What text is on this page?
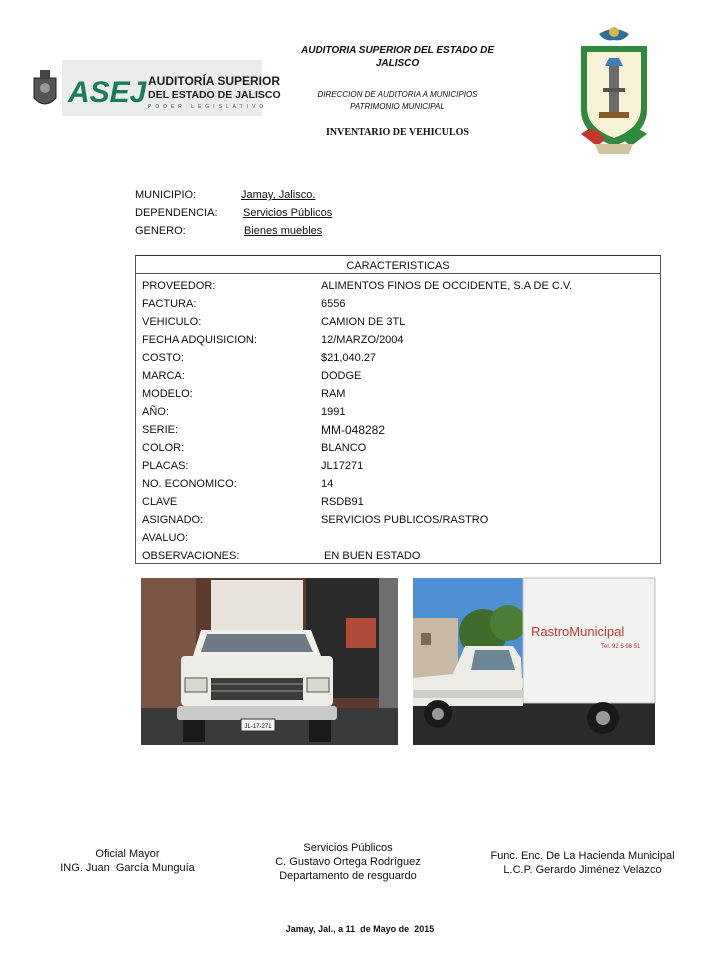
ASEJ AUDITORÍA SUPERIOR
DEL ESTADO DE JALISCO
PODER LEGISLATIVO
AUDITORIA SUPERIOR DEL ESTADO DE
JALISCO
DIRECCION DE AUDITORIA A MUNICIPIOS
PATRIMONIO MUNICIPAL
INVENTARIO DE VEHICULOS
MUNICIPIO:	Jamay, Jalisco.
DEPENDENCIA: Servicios Públicos
GENERO:	Bienes muebles
CARACTERISTICAS
PROVEEDOR:	ALIMENTOS FINOS DE OCCIDENTE, S.A DE C.V.
FACTURA:	6556
VEHICULO:	CAMION DE 3TL
FECHA ADQUISICION:	12/MARZO/2004
COSTO:	$21,040.27
MARCA:	DODGE
MODELO:	RAM
AÑO:	1991
SERIE:	MM-048282
COLOR:	BLANCO
PLACAS:	JL17271
NO. ECONOMICO:	14
CLAVE	RSDB91
ASIGNADO:	SERVICIOS PUBLICOS/RASTRO
AVALUO:
OBSERVACIONES:	EN BUEN ESTADO
JL-17-271
RastroMunicipal
Tel. 92 5 98 51
Oficial Mayor
ING. Juan  García Munguía
Servicios Públicos
C. Gustavo Ortega Rodríguez
Departamento de resguardo
Func. Enc. De La Hacienda Municipal
L.C.P. Gerardo Jiménez Velazco
Jamay, Jal., a 11  de Mayo de  2015
